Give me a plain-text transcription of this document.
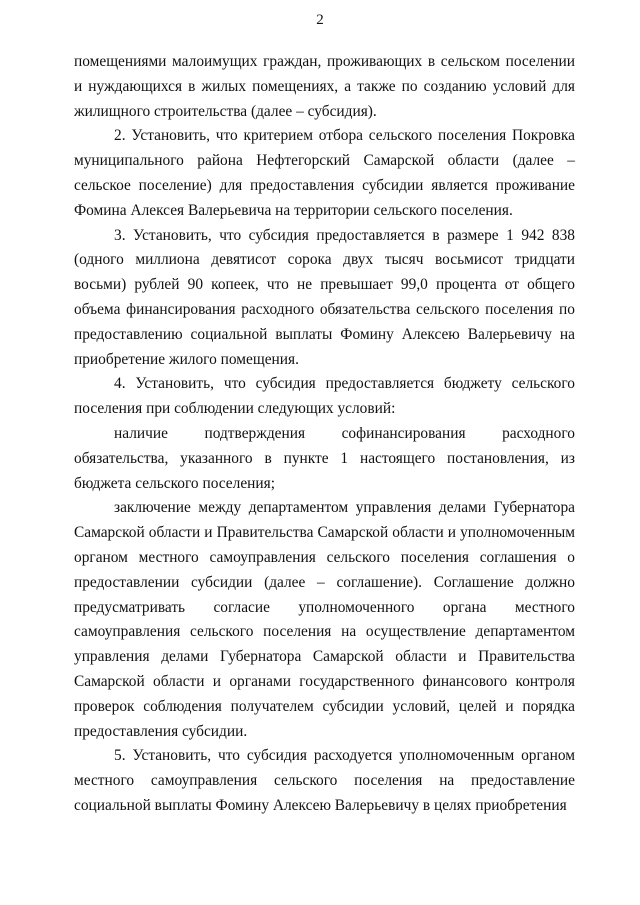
2

помещениями малоимущих граждан, проживающих в сельском поселении и нуждающихся в жилых помещениях, а также по созданию условий для жилищного строительства (далее – субсидия).

2. Установить, что критерием отбора сельского поселения Покровка муниципального района Нефтегорский Самарской области (далее – сельское поселение) для предоставления субсидии является проживание Фомина Алексея Валерьевича на территории сельского поселения.

3. Установить, что субсидия предоставляется в размере 1 942 838 (одного миллиона девятисот сорока двух тысяч восьмисот тридцати восьми) рублей 90 копеек, что не превышает 99,0 процента от общего объема финансирования расходного обязательства сельского поселения по предоставлению социальной выплаты Фомину Алексею Валерьевичу на приобретение жилого помещения.

4. Установить, что субсидия предоставляется бюджету сельского поселения при соблюдении следующих условий:

наличие подтверждения софинансирования расходного обязательства, указанного в пункте 1 настоящего постановления, из бюджета сельского поселения;

заключение между департаментом управления делами Губернатора Самарской области и Правительства Самарской области и уполномоченным органом местного самоуправления сельского поселения соглашения о предоставлении субсидии (далее – соглашение). Соглашение должно предусматривать согласие уполномоченного органа местного самоуправления сельского поселения на осуществление департаментом управления делами Губернатора Самарской области и Правительства Самарской области и органами государственного финансового контроля проверок соблюдения получателем субсидии условий, целей и порядка предоставления субсидии.

5. Установить, что субсидия расходуется уполномоченным органом местного самоуправления сельского поселения на предоставление социальной выплаты Фомину Алексею Валерьевичу в целях приобретения
